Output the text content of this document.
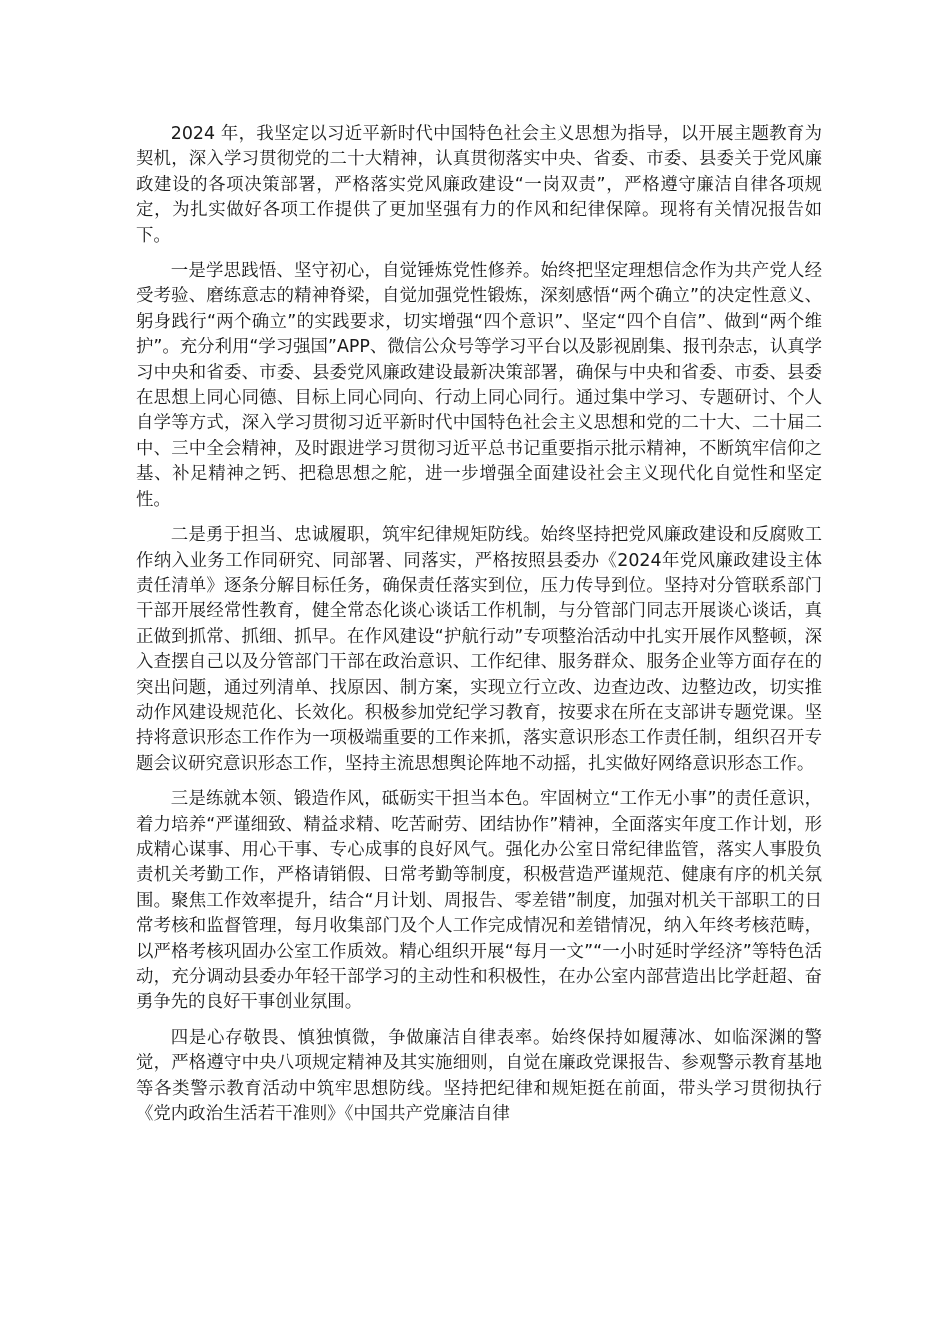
2024 年，我坚定以习近平新时代中国特色社会主义思想为指导，以开展主题教育为契机，深入学习贯彻党的二十大精神，认真贯彻落实中央、省委、市委、县委关于党风廉政建设的各项决策部署，严格落实党风廉政建设“一岗双责”，严格遵守廉洁自律各项规定，为扎实做好各项工作提供了更加坚强有力的作风和纪律保障。现将有关情况报告如下。

一是学思践悟、坚守初心，自觉锤炼党性修养。始终把坚定理想信念作为共产党人经受考验、磨练意志的精神脊梁，自觉加强党性锻炼，深刻感悟“两个确立”的决定性意义、躬身践行“两个确立”的实践要求，切实增强“四个意识”、坚定“四个自信”、做到“两个维护”。充分利用“学习强国”APP、微信公众号等学习平台以及影视剧集、报刊杂志，认真学习中央和省委、市委、县委党风廉政建设最新决策部署，确保与中央和省委、市委、县委在思想上同心同德、目标上同心同向、行动上同心同行。通过集中学习、专题研讨、个人自学等方式，深入学习贯彻习近平新时代中国特色社会主义思想和党的二十大、二十届二中、三中全会精神，及时跟进学习贯彻习近平总书记重要指示批示精神，不断筑牢信仰之基、补足精神之钙、把稳思想之舵，进一步增强全面建设社会主义现代化自觉性和坚定性。

二是勇于担当、忠诚履职，筑牢纪律规矩防线。始终坚持把党风廉政建设和反腐败工作纳入业务工作同研究、同部署、同落实，严格按照县委办《2024年党风廉政建设主体责任清单》逐条分解目标任务，确保责任落实到位，压力传导到位。坚持对分管联系部门干部开展经常性教育，健全常态化谈心谈话工作机制，与分管部门同志开展谈心谈话，真正做到抓常、抓细、抓早。在作风建设“护航行动”专项整治活动中扎实开展作风整顿，深入查摆自己以及分管部门干部在政治意识、工作纪律、服务群众、服务企业等方面存在的突出问题，通过列清单、找原因、制方案，实现立行立改、边查边改、边整边改，切实推动作风建设规范化、长效化。积极参加党纪学习教育，按要求在所在支部讲专题党课。坚持将意识形态工作作为一项极端重要的工作来抓，落实意识形态工作责任制，组织召开专题会议研究意识形态工作，坚持主流思想舆论阵地不动摇，扎实做好网络意识形态工作。

三是练就本领、锻造作风，砥砺实干担当本色。牢固树立“工作无小事”的责任意识，着力培养“严谨细致、精益求精、吃苦耐劳、团结协作”精神，全面落实年度工作计划，形成精心谋事、用心干事、专心成事的良好风气。强化办公室日常纪律监管，落实人事股负责机关考勤工作，严格请销假、日常考勤等制度，积极营造严谨规范、健康有序的机关氛围。聚焦工作效率提升，结合“月计划、周报告、零差错”制度，加强对机关干部职工的日常考核和监督管理，每月收集部门及个人工作完成情况和差错情况，纳入年终考核范畴，以严格考核巩固办公室工作质效。精心组织开展“每月一文”“一小时延时学经济”等特色活动，充分调动县委办年轻干部学习的主动性和积极性，在办公室内部营造出比学赶超、奋勇争先的良好干事创业氛围。

四是心存敬畏、慎独慎微，争做廉洁自律表率。始终保持如履薄冰、如临深渊的警觉，严格遵守中央八项规定精神及其实施细则，自觉在廉政党课报告、参观警示教育基地等各类警示教育活动中筑牢思想防线。坚持把纪律和规矩挺在前面，带头学习贯彻执行《党内政治生活若干准则》《中国共产党廉洁自律
